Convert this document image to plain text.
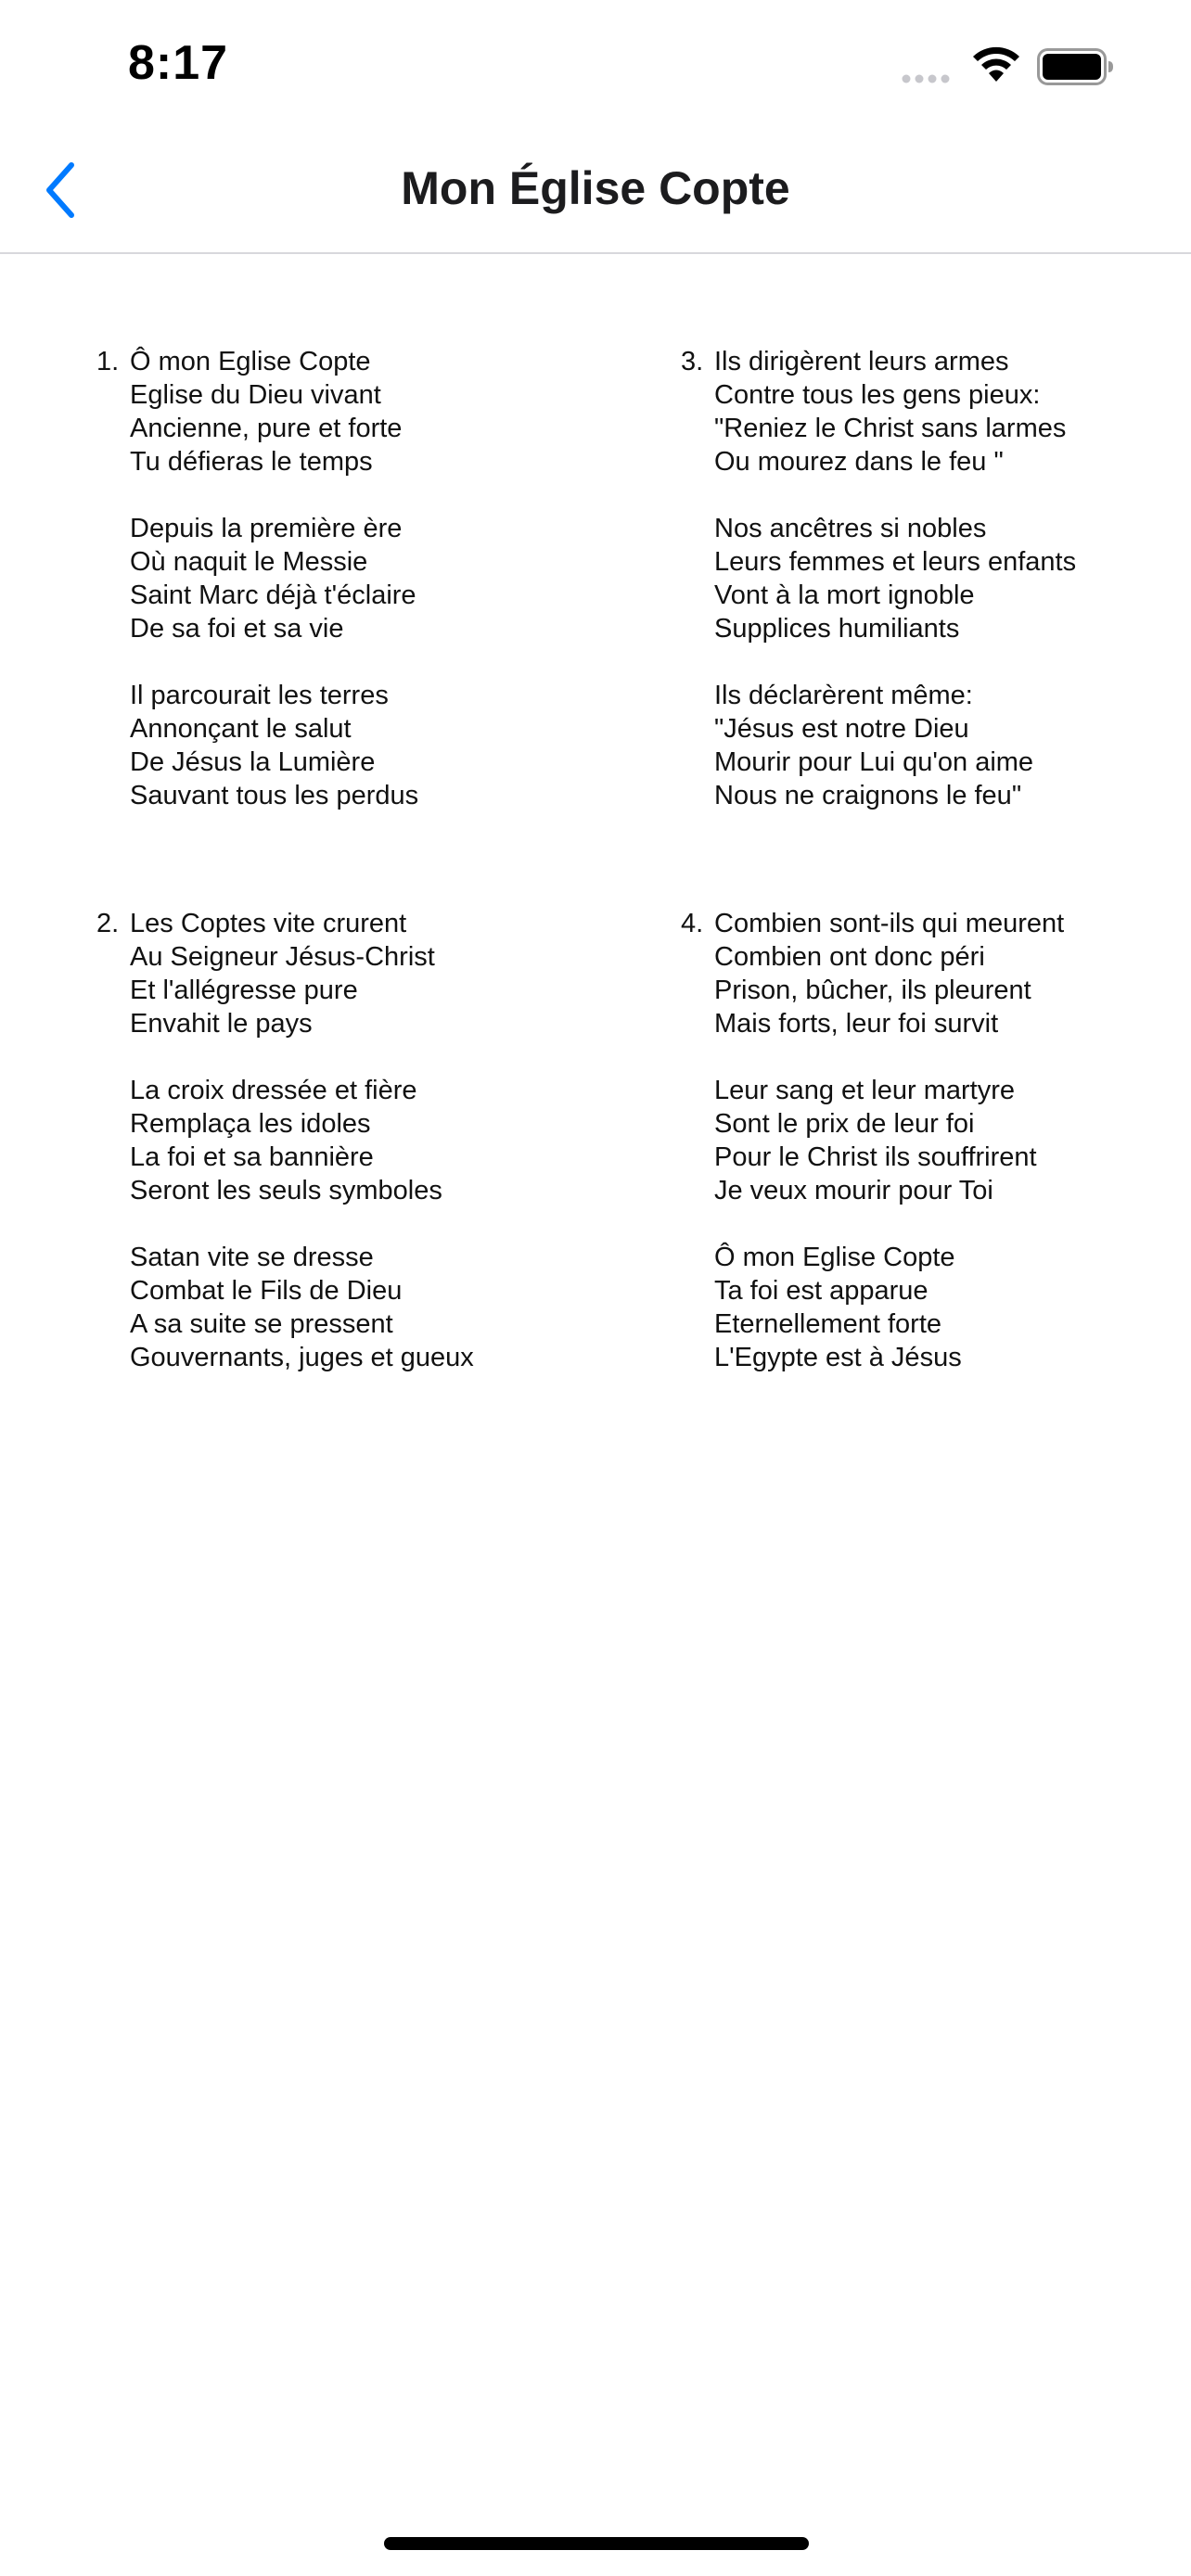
8:17
Mon Église Copte
1. Ô mon Eglise Copte
Eglise du Dieu vivant
Ancienne, pure et forte
Tu défieras le temps
Depuis la première ère
Où naquit le Messie
Saint Marc déjà t'éclaire
De sa foi et sa vie
Il parcourait les terres
Annonçant le salut
De Jésus la Lumière
Sauvant tous les perdus
3. Ils dirigèrent leurs armes
Contre tous les gens pieux:
"Reniez le Christ sans larmes
Ou mourez dans le feu "
Nos ancêtres si nobles
Leurs femmes et leurs enfants
Vont à la mort ignoble
Supplices humiliants
Ils déclarèrent même:
"Jésus est notre Dieu
Mourir pour Lui qu'on aime
Nous ne craignons le feu"
2. Les Coptes vite crurent
Au Seigneur Jésus-Christ
Et l'allégresse pure
Envahit le pays
La croix dressée et fière
Remplaça les idoles
La foi et sa bannière
Seront les seuls symboles
Satan vite se dresse
Combat le Fils de Dieu
A sa suite se pressent
Gouvernants, juges et gueux
4. Combien sont-ils qui meurent
Combien ont donc péri
Prison, bûcher, ils pleurent
Mais forts, leur foi survit
Leur sang et leur martyre
Sont le prix de leur foi
Pour le Christ ils souffrirent
Je veux mourir pour Toi
Ô mon Eglise Copte
Ta foi est apparue
Eternellement forte
L'Egypte est à Jésus
